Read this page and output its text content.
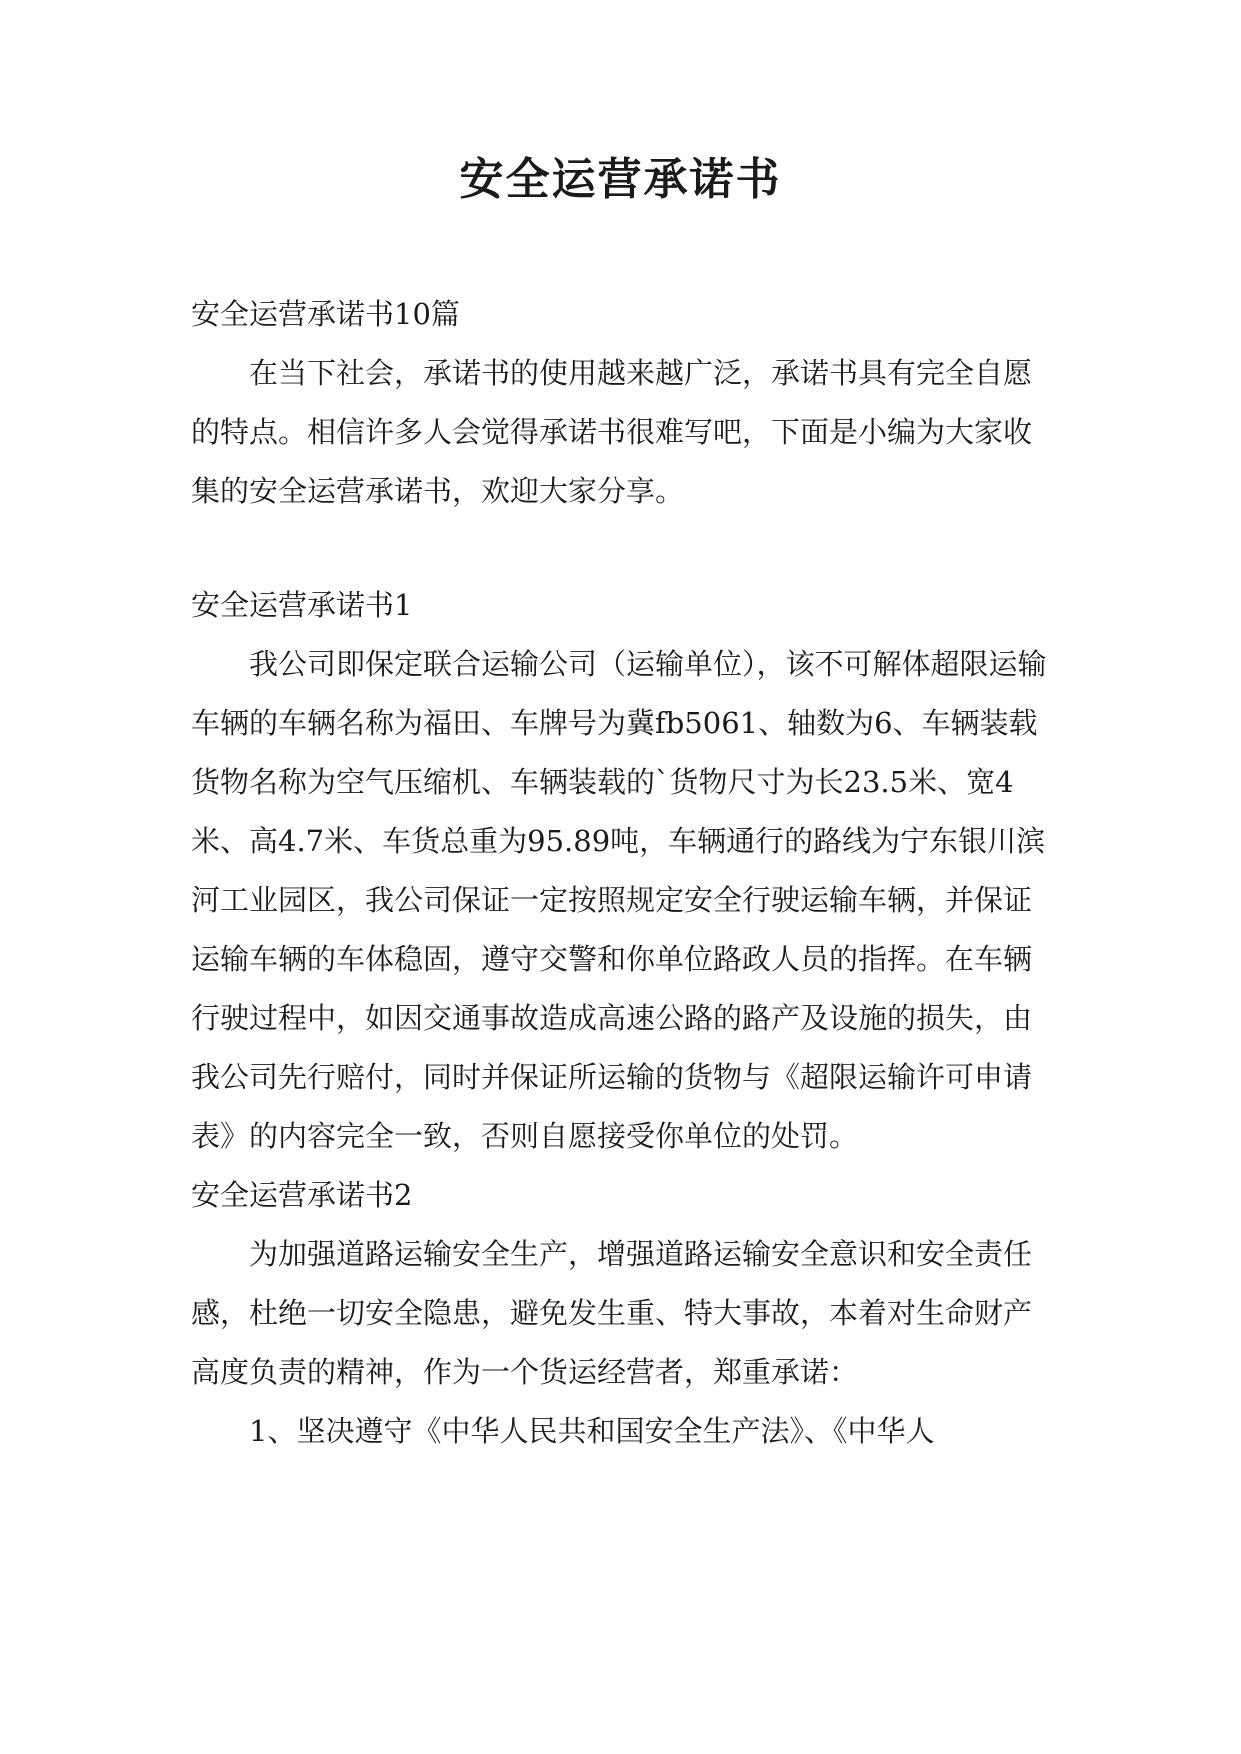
安全运营承诺书

安全运营承诺书10篇

在当下社会，承诺书的使用越来越广泛，承诺书具有完全自愿的特点。相信许多人会觉得承诺书很难写吧，下面是小编为大家收集的安全运营承诺书，欢迎大家分享。

安全运营承诺书1

我公司即保定联合运输公司（运输单位），该不可解体超限运输车辆的车辆名称为福田、车牌号为冀fb5061、轴数为6、车辆装载货物名称为空气压缩机、车辆装载的`货物尺寸为长23.5米、宽4米、高4.7米、车货总重为95.89吨，车辆通行的路线为宁东银川滨河工业园区，我公司保证一定按照规定安全行驶运输车辆，并保证运输车辆的车体稳固，遵守交警和你单位路政人员的指挥。在车辆行驶过程中，如因交通事故造成高速公路的路产及设施的损失，由我公司先行赔付，同时并保证所运输的货物与《超限运输许可申请表》的内容完全一致，否则自愿接受你单位的处罚。

安全运营承诺书2

为加强道路运输安全生产，增强道路运输安全意识和安全责任感，杜绝一切安全隐患，避免发生重、特大事故，本着对生命财产高度负责的精神，作为一个货运经营者，郑重承诺：

1、坚决遵守《中华人民共和国安全生产法》、《中华人
